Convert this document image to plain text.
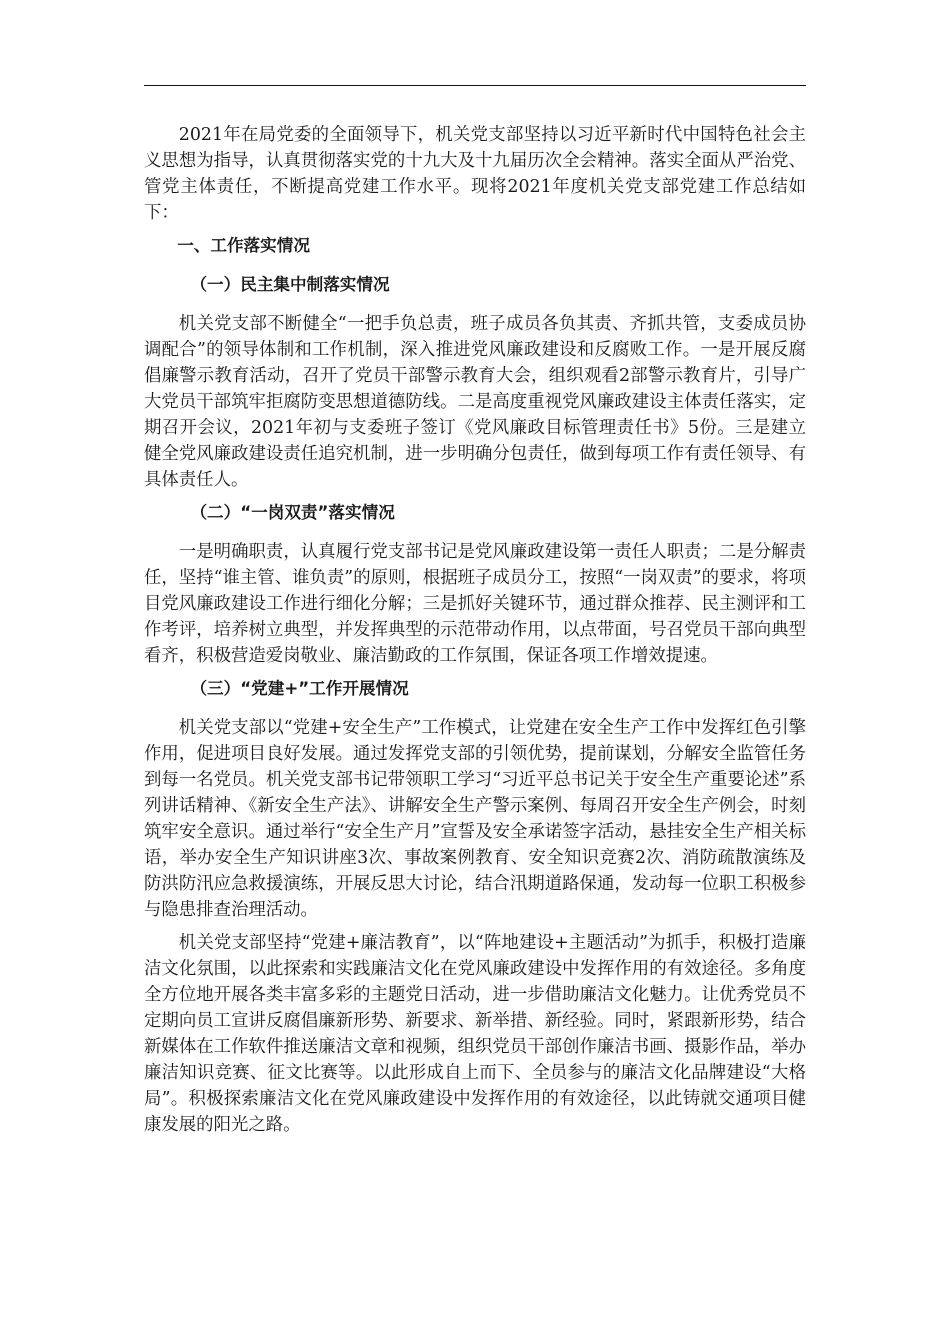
2021年在局党委的全面领导下，机关党支部坚持以习近平新时代中国特色社会主义思想为指导，认真贯彻落实党的十九大及十九届历次全会精神。落实全面从严治党、管党主体责任，不断提高党建工作水平。现将2021年度机关党支部党建工作总结如下：

一、工作落实情况
（一）民主集中制落实情况

机关党支部不断健全“一把手负总责，班子成员各负其责、齐抓共管，支委成员协调配合”的领导体制和工作机制，深入推进党风廉政建设和反腐败工作。一是开展反腐倡廉警示教育活动，召开了党员干部警示教育大会，组织观看2部警示教育片，引导广大党员干部筑牢拒腐防变思想道德防线。二是高度重视党风廉政建设主体责任落实，定期召开会议，2021年初与支委班子签订《党风廉政目标管理责任书》5份。三是建立健全党风廉政建设责任追究机制，进一步明确分包责任，做到每项工作有责任领导、有具体责任人。

（二）“一岗双责”落实情况

一是明确职责，认真履行党支部书记是党风廉政建设第一责任人职责；二是分解责任，坚持“谁主管、谁负责”的原则，根据班子成员分工，按照“一岗双责”的要求，将项目党风廉政建设工作进行细化分解；三是抓好关键环节，通过群众推荐、民主测评和工作考评，培养树立典型，并发挥典型的示范带动作用，以点带面，号召党员干部向典型看齐，积极营造爱岗敬业、廉洁勤政的工作氛围，保证各项工作增效提速。

（三）“党建+”工作开展情况

机关党支部以“党建+安全生产”工作模式，让党建在安全生产工作中发挥红色引擎作用，促进项目良好发展。通过发挥党支部的引领优势，提前谋划，分解安全监管任务到每一名党员。机关党支部书记带领职工学习“习近平总书记关于安全生产重要论述”系列讲话精神、《新安全生产法》、讲解安全生产警示案例、每周召开安全生产例会，时刻筑牢安全意识。通过举行“安全生产月”宣誓及安全承诺签字活动，悬挂安全生产相关标语，举办安全生产知识讲座3次、事故案例教育、安全知识竞赛2次、消防疏散演练及防洪防汛应急救援演练，开展反思大讨论，结合汛期道路保通，发动每一位职工积极参与隐患排查治理活动。

机关党支部坚持“党建+廉洁教育”，以“阵地建设+主题活动”为抓手，积极打造廉洁文化氛围，以此探索和实践廉洁文化在党风廉政建设中发挥作用的有效途径。多角度全方位地开展各类丰富多彩的主题党日活动，进一步借助廉洁文化魅力。让优秀党员不定期向员工宣讲反腐倡廉新形势、新要求、新举措、新经验。同时，紧跟新形势，结合新媒体在工作软件推送廉洁文章和视频，组织党员干部创作廉洁书画、摄影作品，举办廉洁知识竞赛、征文比赛等。以此形成自上而下、全员参与的廉洁文化品牌建设“大格局”。积极探索廉洁文化在党风廉政建设中发挥作用的有效途径，以此铸就交通项目健康发展的阳光之路。
